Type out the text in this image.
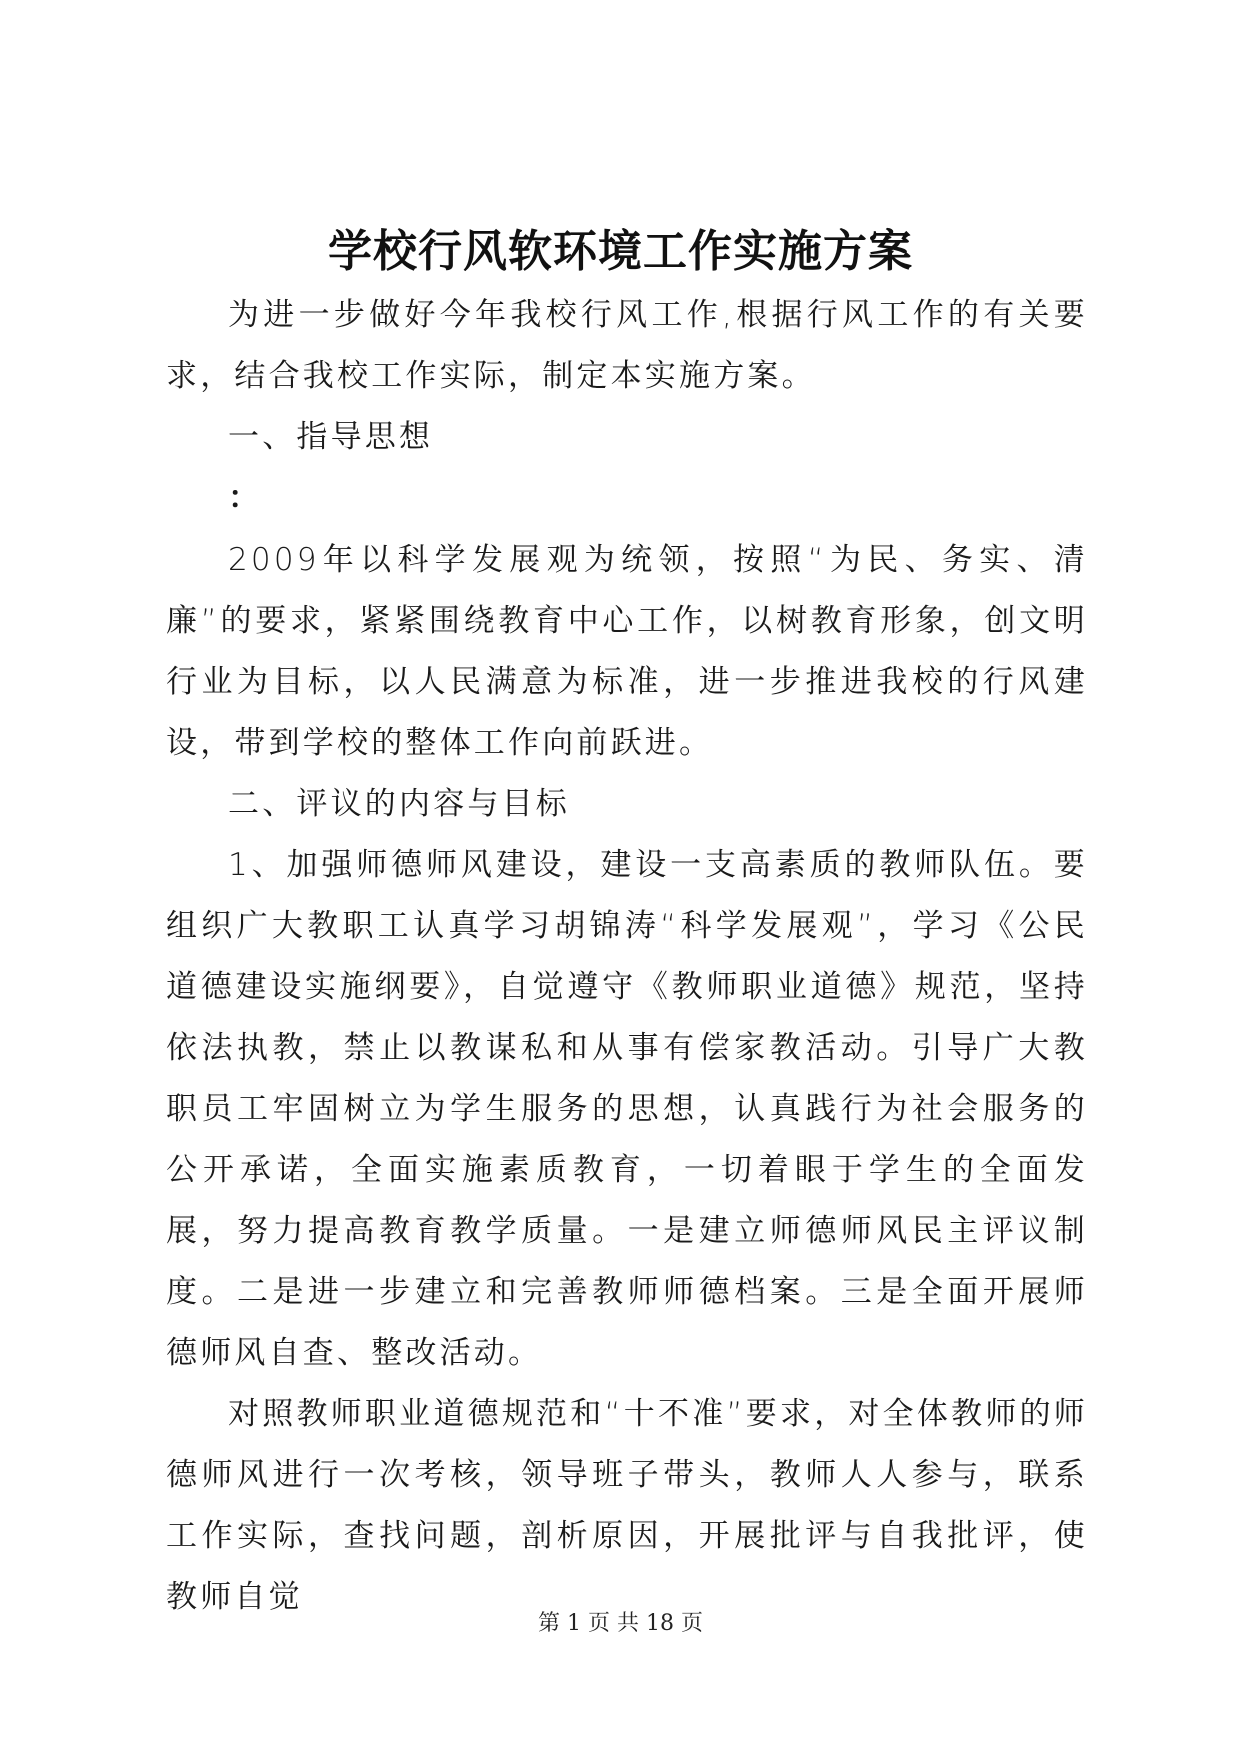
学校行风软环境工作实施方案

为进一步做好今年我校行风工作,根据行风工作的有关要求，结合我校工作实际，制定本实施方案。

一、指导思想

：

2009年以科学发展观为统领，按照“为民、务实、清廉”的要求，紧紧围绕教育中心工作，以树教育形象，创文明行业为目标，以人民满意为标准，进一步推进我校的行风建设，带到学校的整体工作向前跃进。

二、评议的内容与目标

1、加强师德师风建设，建设一支高素质的教师队伍。要组织广大教职工认真学习胡锦涛“科学发展观”，学习《公民道德建设实施纲要》，自觉遵守《教师职业道德》规范，坚持依法执教，禁止以教谋私和从事有偿家教活动。引导广大教职员工牢固树立为学生服务的思想，认真践行为社会服务的公开承诺，全面实施素质教育，一切着眼于学生的全面发展，努力提高教育教学质量。一是建立师德师风民主评议制度。二是进一步建立和完善教师师德档案。三是全面开展师德师风自查、整改活动。

对照教师职业道德规范和“十不准”要求，对全体教师的师德师风进行一次考核，领导班子带头，教师人人参与，联系工作实际，查找问题，剖析原因，开展批评与自我批评，使教师自觉

第 1 页 共 18 页
